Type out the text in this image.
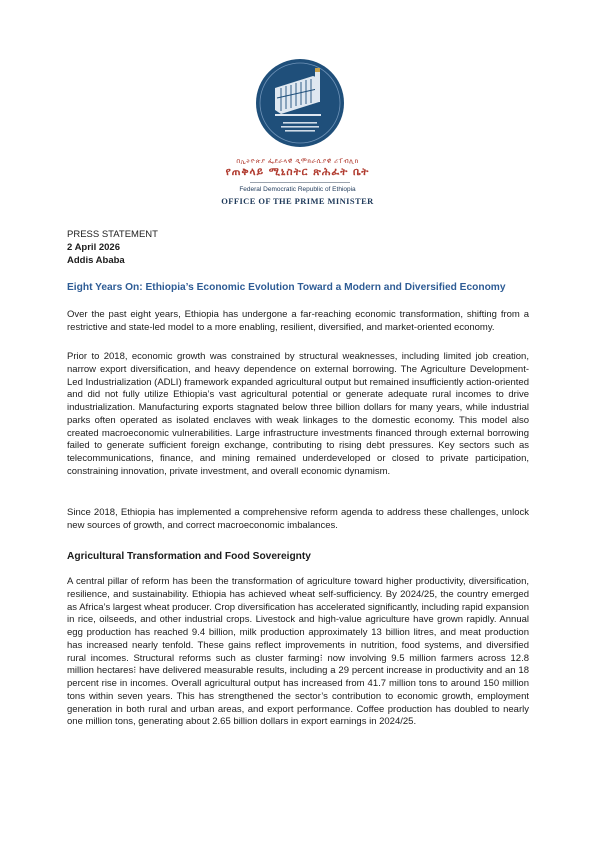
በኢትዮጵያ ፌደራላዊ ዲሞክራሲያዊ ሪፐብሊክ
የጠቅላይ ሚኒስትር ጽሕፈት ቤት
Federal Democratic Republic of Ethiopia
OFFICE OF THE PRIME MINISTER
PRESS STATEMENT
2 April 2026
Addis Ababa
Eight Years On: Ethiopia’s Economic Evolution Toward a Modern and Diversified Economy

Over the past eight years, Ethiopia has undergone a far-reaching economic transformation, shifting from a restrictive and state-led model to a more enabling, resilient, diversified, and market-oriented economy.

Prior to 2018, economic growth was constrained by structural weaknesses, including limited job creation, narrow export diversification, and heavy dependence on external borrowing. The Agriculture Development-Led Industrialization (ADLI) framework expanded agricultural output but remained insufficiently action-oriented and did not fully utilize Ethiopia’s vast agricultural potential or generate adequate rural incomes to drive industrialization. Manufacturing exports stagnated below three billion dollars for many years, while industrial parks often operated as isolated enclaves with weak linkages to the domestic economy. This model also created macroeconomic vulnerabilities. Large infrastructure investments financed through external borrowing failed to generate sufficient foreign exchange, contributing to rising debt pressures. Key sectors such as telecommunications, finance, and mining remained underdeveloped or closed to private participation, constraining innovation, private investment, and overall economic dynamism.

Since 2018, Ethiopia has implemented a comprehensive reform agenda to address these challenges, unlock new sources of growth, and correct macroeconomic imbalances.

Agricultural Transformation and Food Sovereignty

A central pillar of reform has been the transformation of agriculture toward higher productivity, diversification, resilience, and sustainability. Ethiopia has achieved wheat self-sufficiency. By 2024/25, the country emerged as Africa’s largest wheat producer. Crop diversification has accelerated significantly, including rapid expansion in rice, oilseeds, and other industrial crops. Livestock and high-value agriculture have grown rapidly. Annual egg production has reached 9.4 billion, milk production approximately 13 billion litres, and meat production has increased nearly tenfold. These gains reflect improvements in nutrition, food systems, and diversified rural incomes. Structural reforms such as cluster farming⁝ now involving 9.5 million farmers across 12.8 million hectares⁝ have delivered measurable results, including a 29 percent increase in productivity and an 18 percent rise in incomes. Overall agricultural output has increased from 41.7 million tons to around 150 million tons within seven years. This has strengthened the sector’s contribution to economic growth, employment generation in both rural and urban areas, and export performance. Coffee production has doubled to nearly one million tons, generating about 2.65 billion dollars in export earnings in 2024/25.
